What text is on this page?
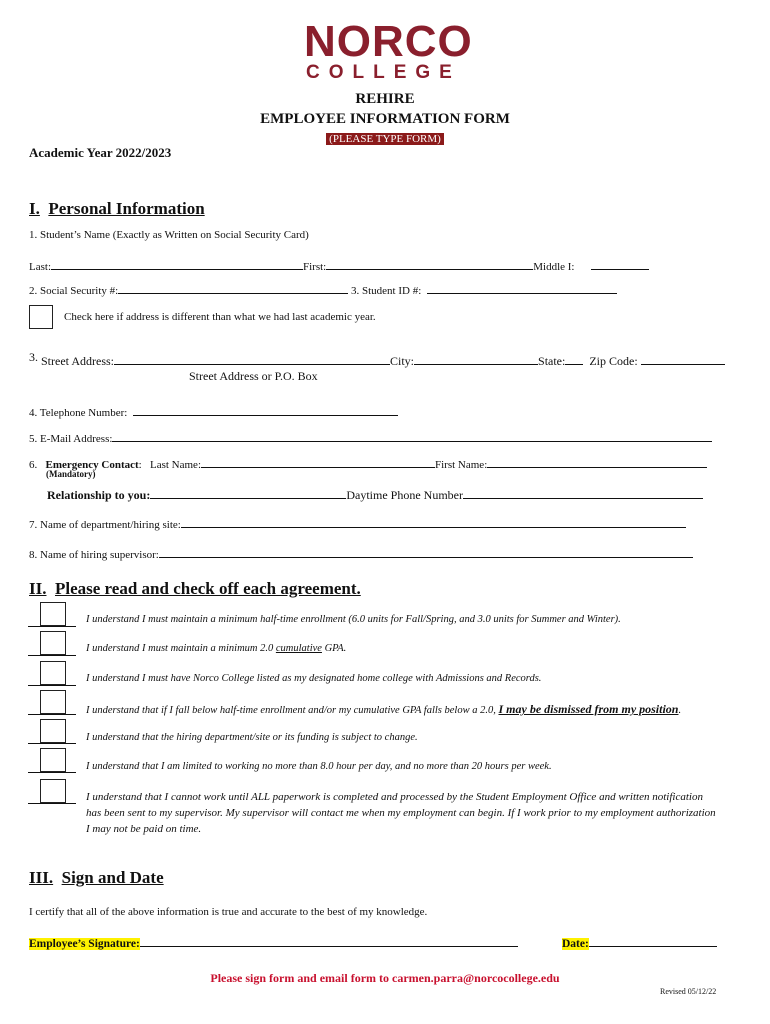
NORCO
COLLEGE
REHIRE
EMPLOYEE INFORMATION FORM
(PLEASE TYPE FORM)
Academic Year 2022/2023
I. Personal Information
1. Student’s Name (Exactly as Written on Social Security Card)
Last:	First:	Middle I:
2. Social Security #:	3. Student ID #:
Check here if address is different than what we had last academic year.
3. Street Address:	City:	State: Zip Code:
Street Address or P.O. Box
4. Telephone Number:
5. E-Mail Address:
6. Emergency Contact: Last Name:	First Name:
(Mandatory)
Relationship to you:	Daytime Phone Number
7. Name of department/hiring site:
8. Name of hiring supervisor:
II. Please read and check off each agreement.
I understand I must maintain a minimum half-time enrollment (6.0 units for Fall/Spring, and 3.0 units for Summer and Winter).
I understand I must maintain a minimum 2.0 cumulative GPA.
I understand I must have Norco College listed as my designated home college with Admissions and Records.
I understand that if I fall below half-time enrollment and/or my cumulative GPA falls below a 2.0, I may be dismissed from my position.
I understand that the hiring department/site or its funding is subject to change.
I understand that I am limited to working no more than 8.0 hour per day, and no more than 20 hours per week.
I understand that I cannot work until ALL paperwork is completed and processed by the Student Employment Office and written notification
has been sent to my supervisor. My supervisor will contact me when my employment can begin. If I work prior to my employment authorization
I may not be paid on time.
III. Sign and Date
I certify that all of the above information is true and accurate to the best of my knowledge.
Employee’s Signature:	Date:
Please sign form and email form to carmen.parra@norcocollege.edu
Revised 05/12/22
